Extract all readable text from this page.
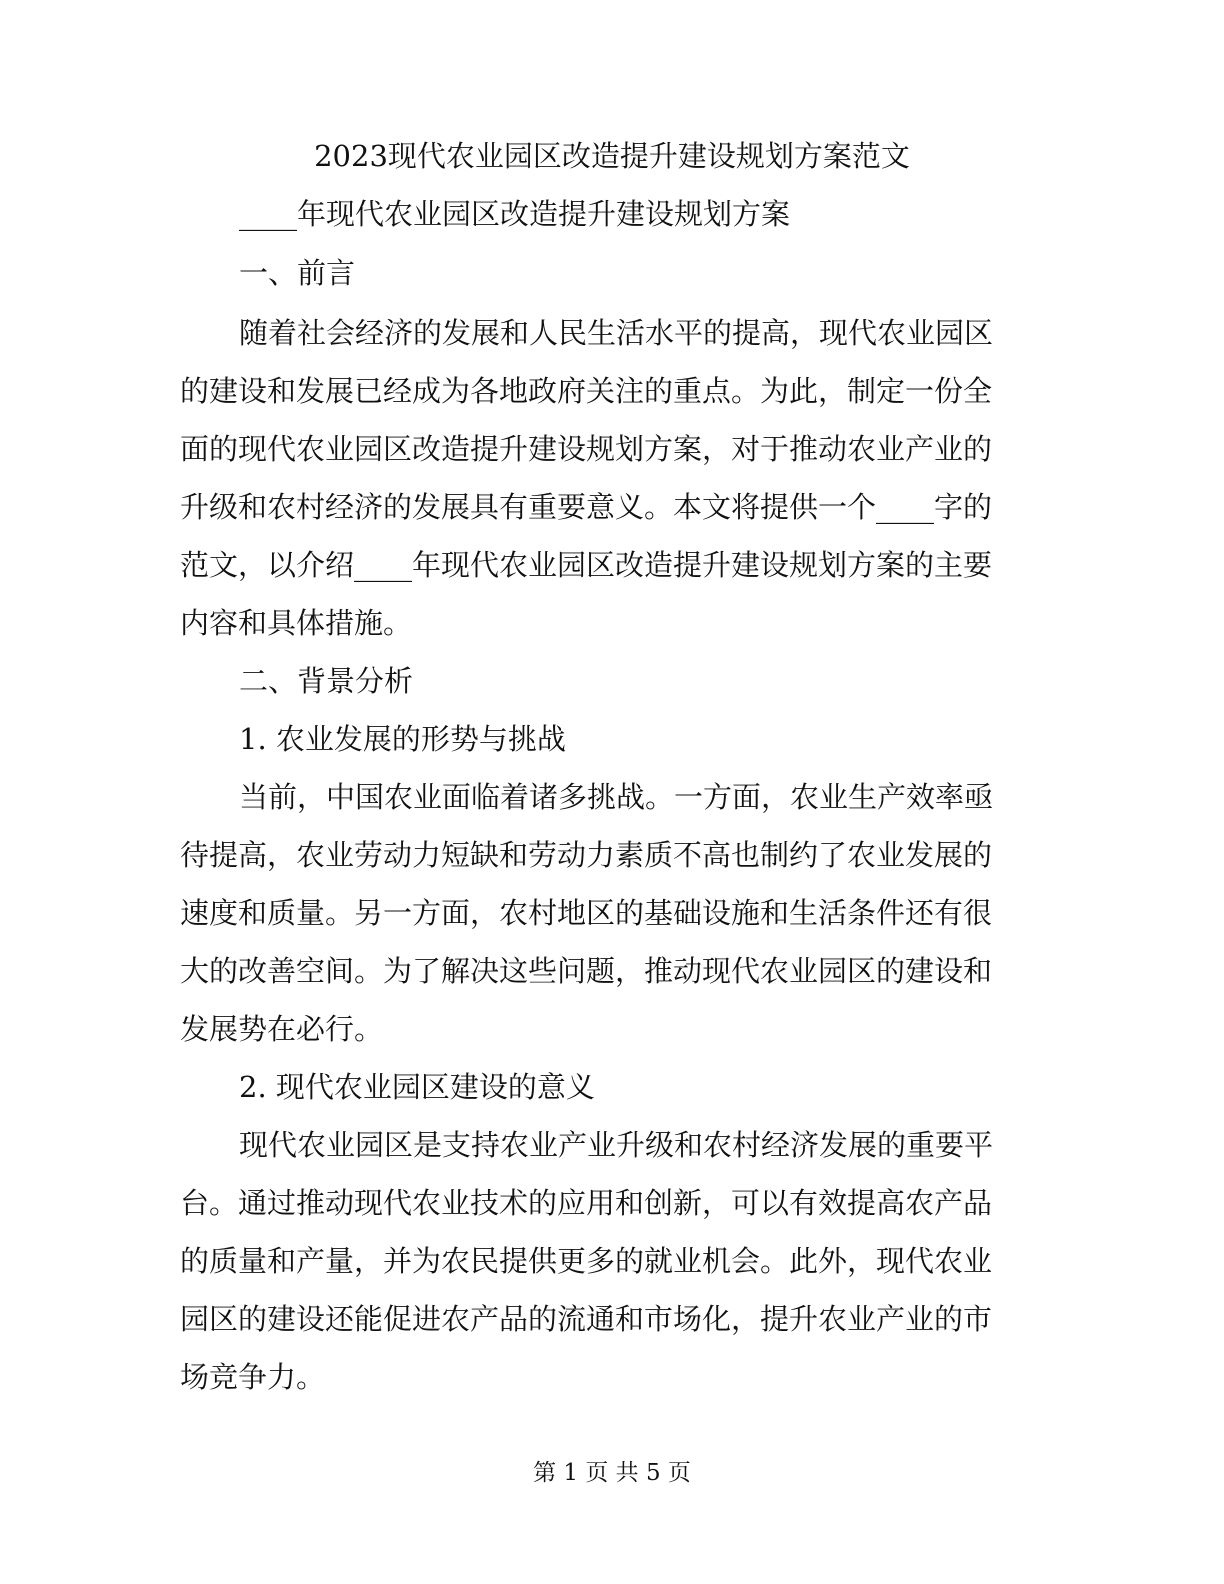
2023现代农业园区改造提升建设规划方案范文
____年现代农业园区改造提升建设规划方案
一、前言
随着社会经济的发展和人民生活水平的提高，现代农业园区
的建设和发展已经成为各地政府关注的重点。为此，制定一份全
面的现代农业园区改造提升建设规划方案，对于推动农业产业的
升级和农村经济的发展具有重要意义。本文将提供一个____字的
范文，以介绍____年现代农业园区改造提升建设规划方案的主要
内容和具体措施。
二、背景分析
1. 农业发展的形势与挑战
当前，中国农业面临着诸多挑战。一方面，农业生产效率亟
待提高，农业劳动力短缺和劳动力素质不高也制约了农业发展的
速度和质量。另一方面，农村地区的基础设施和生活条件还有很
大的改善空间。为了解决这些问题，推动现代农业园区的建设和
发展势在必行。
2. 现代农业园区建设的意义
现代农业园区是支持农业产业升级和农村经济发展的重要平
台。通过推动现代农业技术的应用和创新，可以有效提高农产品
的质量和产量，并为农民提供更多的就业机会。此外，现代农业
园区的建设还能促进农产品的流通和市场化，提升农业产业的市
场竞争力。
第 1 页 共 5 页
